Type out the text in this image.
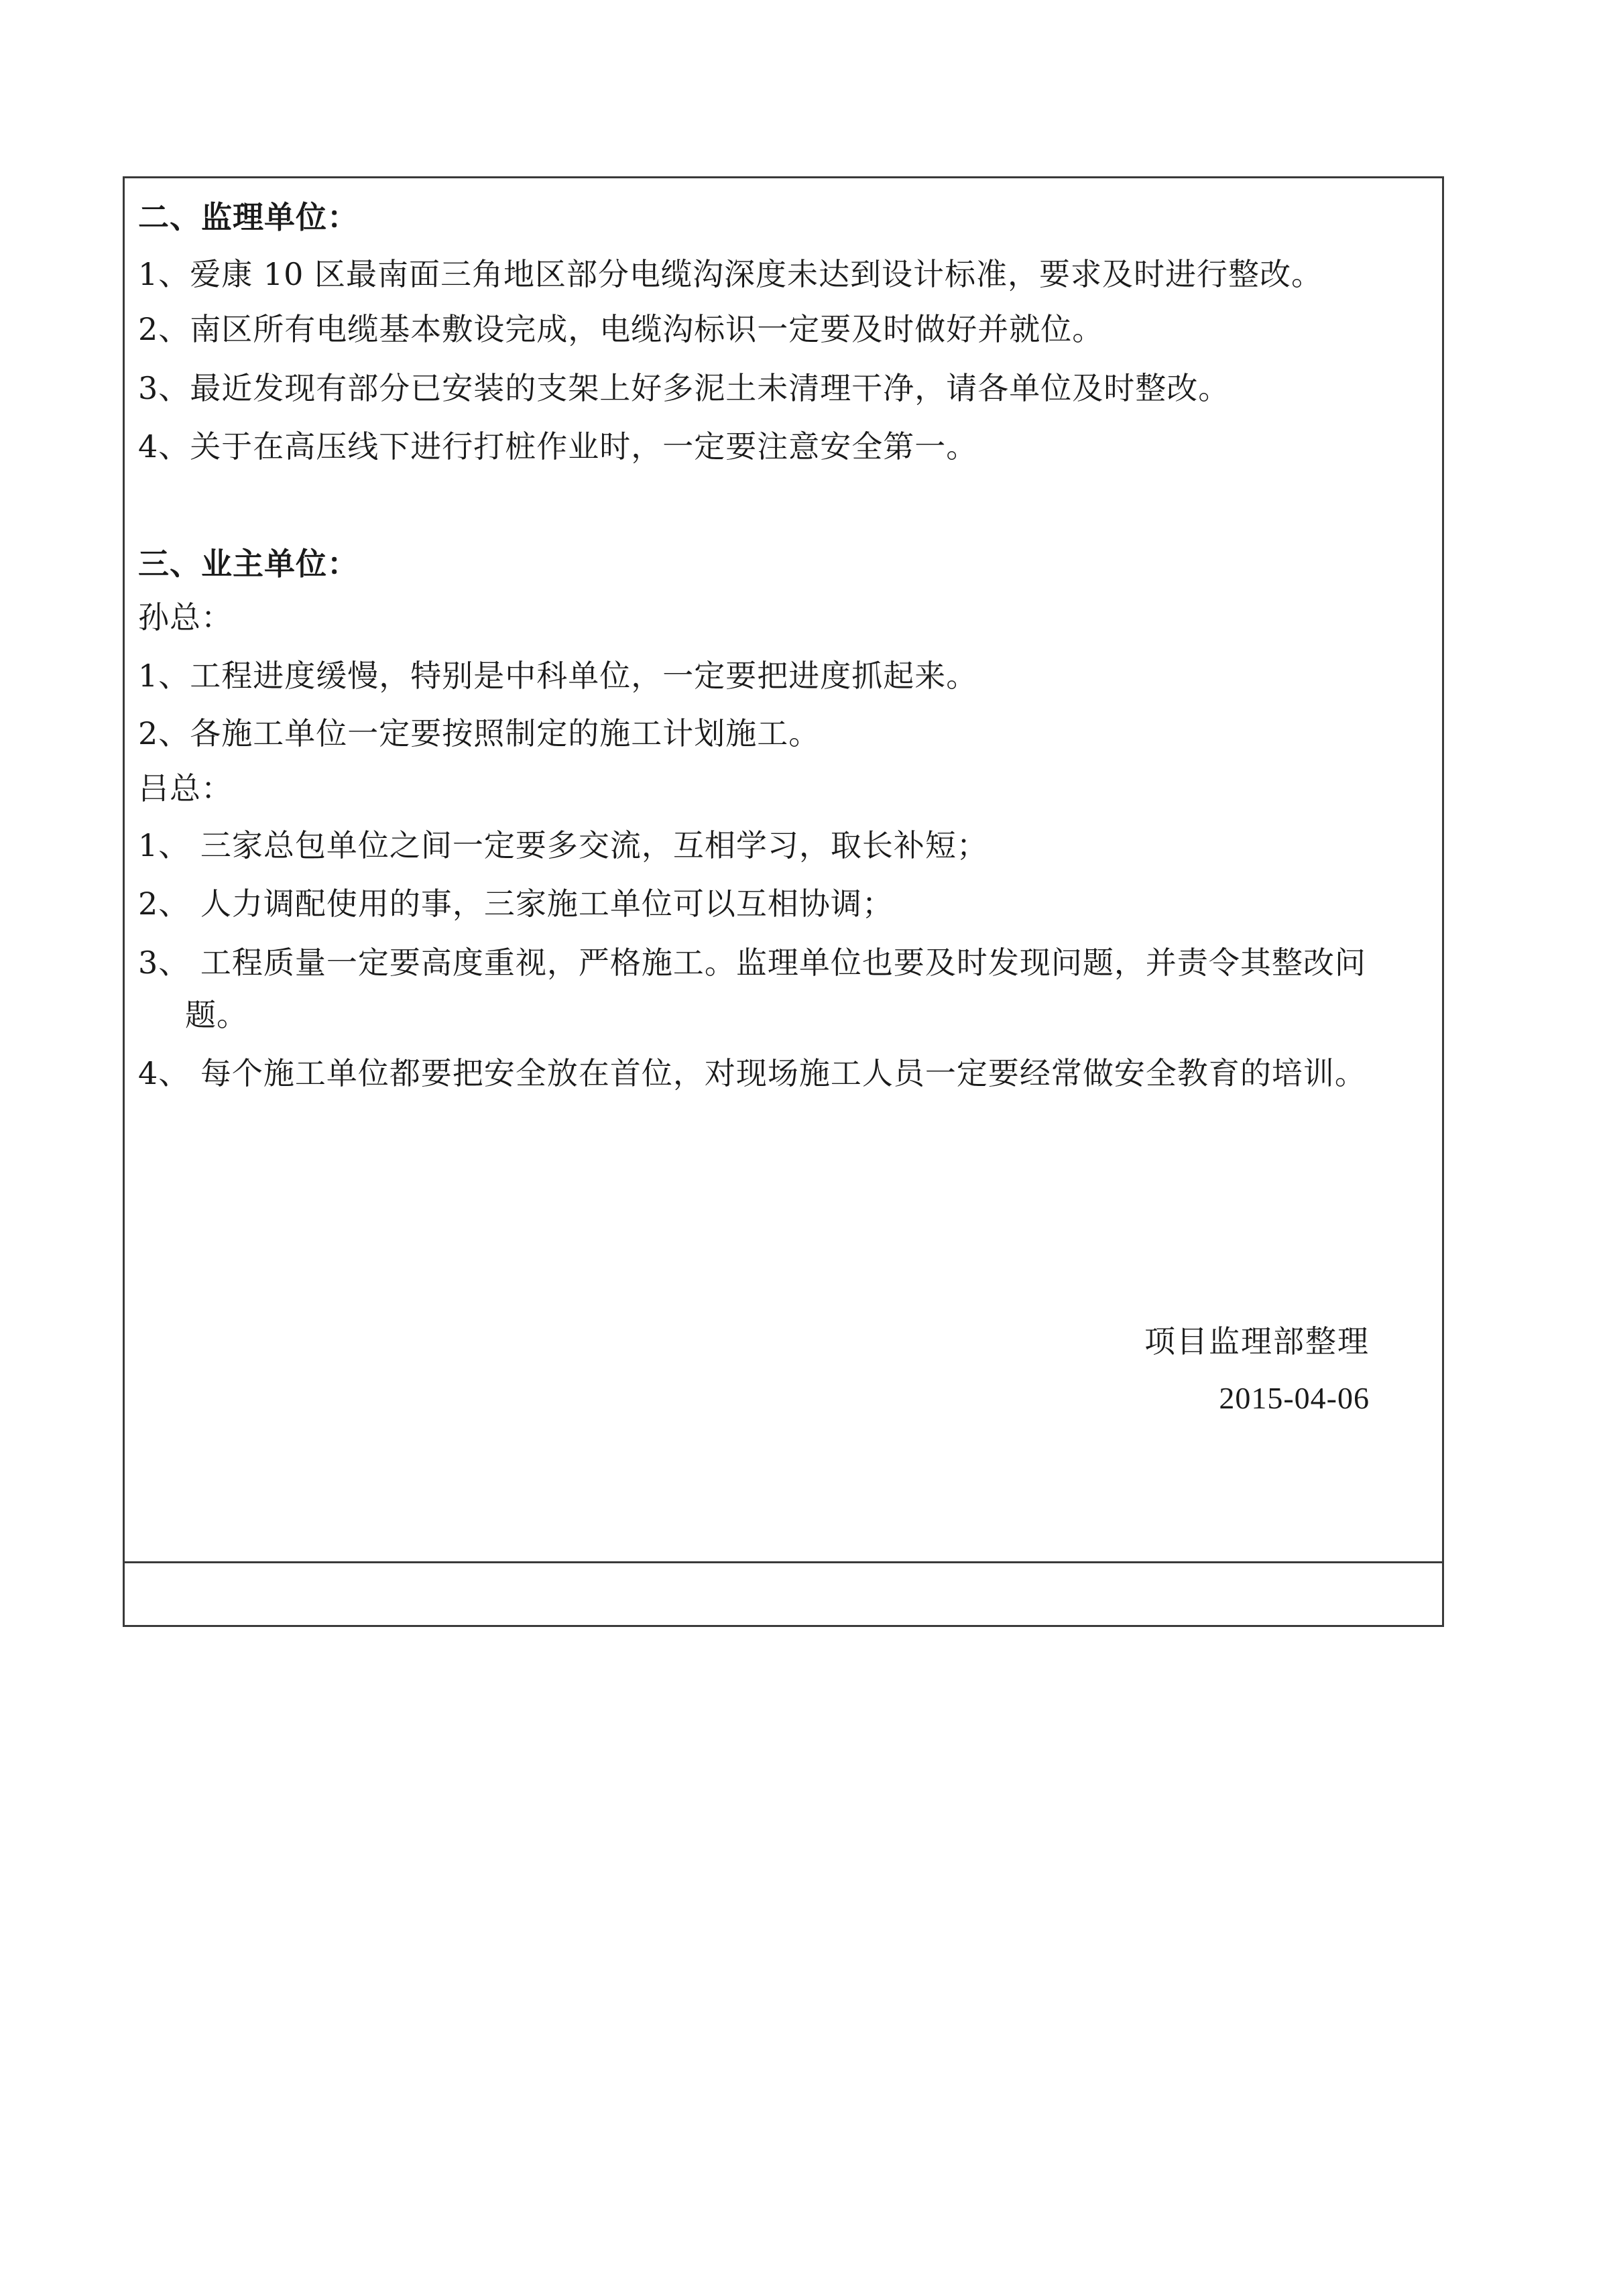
二、监理单位：
1、爱康 10 区最南面三角地区部分电缆沟深度未达到设计标准，要求及时进行整改。
2、南区所有电缆基本敷设完成，电缆沟标识一定要及时做好并就位。
3、最近发现有部分已安装的支架上好多泥土未清理干净，请各单位及时整改。
4、关于在高压线下进行打桩作业时，一定要注意安全第一。
三、业主单位：
孙总：
1、工程进度缓慢，特别是中科单位，一定要把进度抓起来。
2、各施工单位一定要按照制定的施工计划施工。
吕总：
1、 三家总包单位之间一定要多交流，互相学习，取长补短；
2、 人力调配使用的事，三家施工单位可以互相协调；
3、 工程质量一定要高度重视，严格施工。监理单位也要及时发现问题，并责令其整改问
题。
4、 每个施工单位都要把安全放在首位，对现场施工人员一定要经常做安全教育的培训。
项目监理部整理
2015-04-06
